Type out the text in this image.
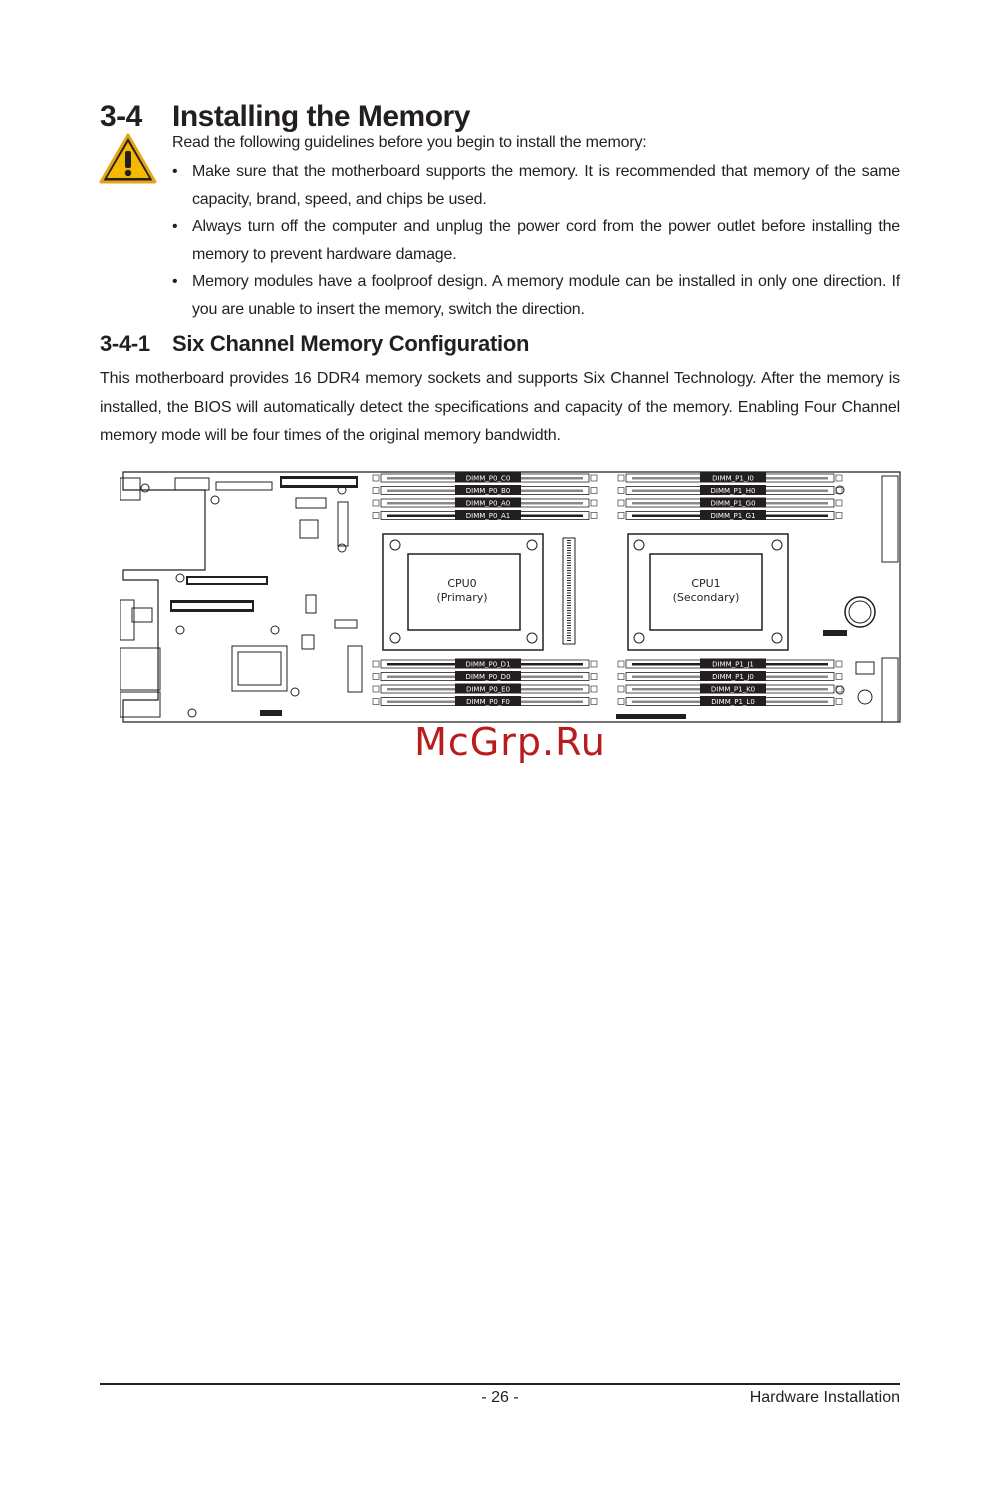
3-4 Installing the Memory
Read the following guidelines before you begin to install the memory:
• Make sure that the motherboard supports the memory. It is recommended that memory of the same capacity, brand, speed, and chips be used.
• Always turn off the computer and unplug the power cord from the power outlet before installing the memory to prevent hardware damage.
• Memory modules have a foolproof design. A memory module can be installed in only one direction. If you are unable to insert the memory, switch the direction.
3-4-1 Six Channel Memory Configuration
This motherboard provides 16 DDR4 memory sockets and supports Six Channel Technology. After the memory is installed, the BIOS will automatically detect the specifications and capacity of the memory. Enabling Four Channel memory mode will be four times of the original memory bandwidth.
DIMM_P0_C0
DIMM_P0_B0
DIMM_P0_A0
DIMM_P0_A1
DIMM_P1_I0
DIMM_P1_H0
DIMM_P1_G0
DIMM_P1_G1
DIMM_P0_D1
DIMM_P0_D0
DIMM_P0_E0
DIMM_P0_F0
DIMM_P1_J1
DIMM_P1_J0
DIMM_P1_K0
DIMM_P1_L0
CPU0
(Primary)
CPU1
(Secondary)
McGrp.Ru
- 26 -	Hardware Installation
